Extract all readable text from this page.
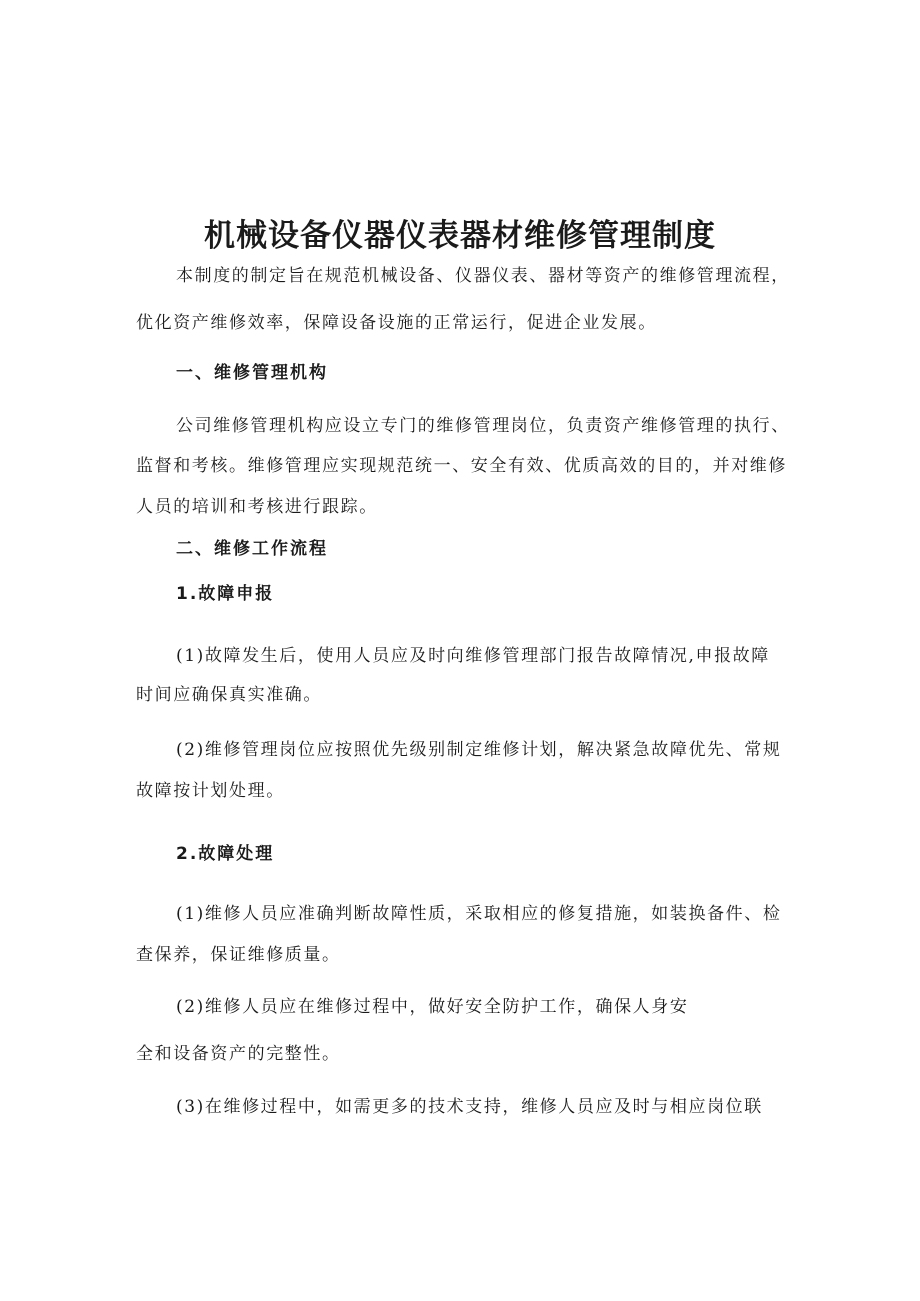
机械设备仪器仪表器材维修管理制度
本制度的制定旨在规范机械设备、仪器仪表、器材等资产的维修管理流程，
优化资产维修效率，保障设备设施的正常运行，促进企业发展。
一、维修管理机构
公司维修管理机构应设立专门的维修管理岗位，负责资产维修管理的执行、
监督和考核。维修管理应实现规范统一、安全有效、优质高效的目的，并对维修
人员的培训和考核进行跟踪。
二、维修工作流程
1.故障申报
(1)故障发生后，使用人员应及时向维修管理部门报告故障情况,申报故障
时间应确保真实准确。
(2)维修管理岗位应按照优先级别制定维修计划，解决紧急故障优先、常规
故障按计划处理。
2.故障处理
(1)维修人员应准确判断故障性质，采取相应的修复措施，如装换备件、检
查保养，保证维修质量。
(2)维修人员应在维修过程中，做好安全防护工作，确保人身安
全和设备资产的完整性。
(3)在维修过程中，如需更多的技术支持，维修人员应及时与相应岗位联
